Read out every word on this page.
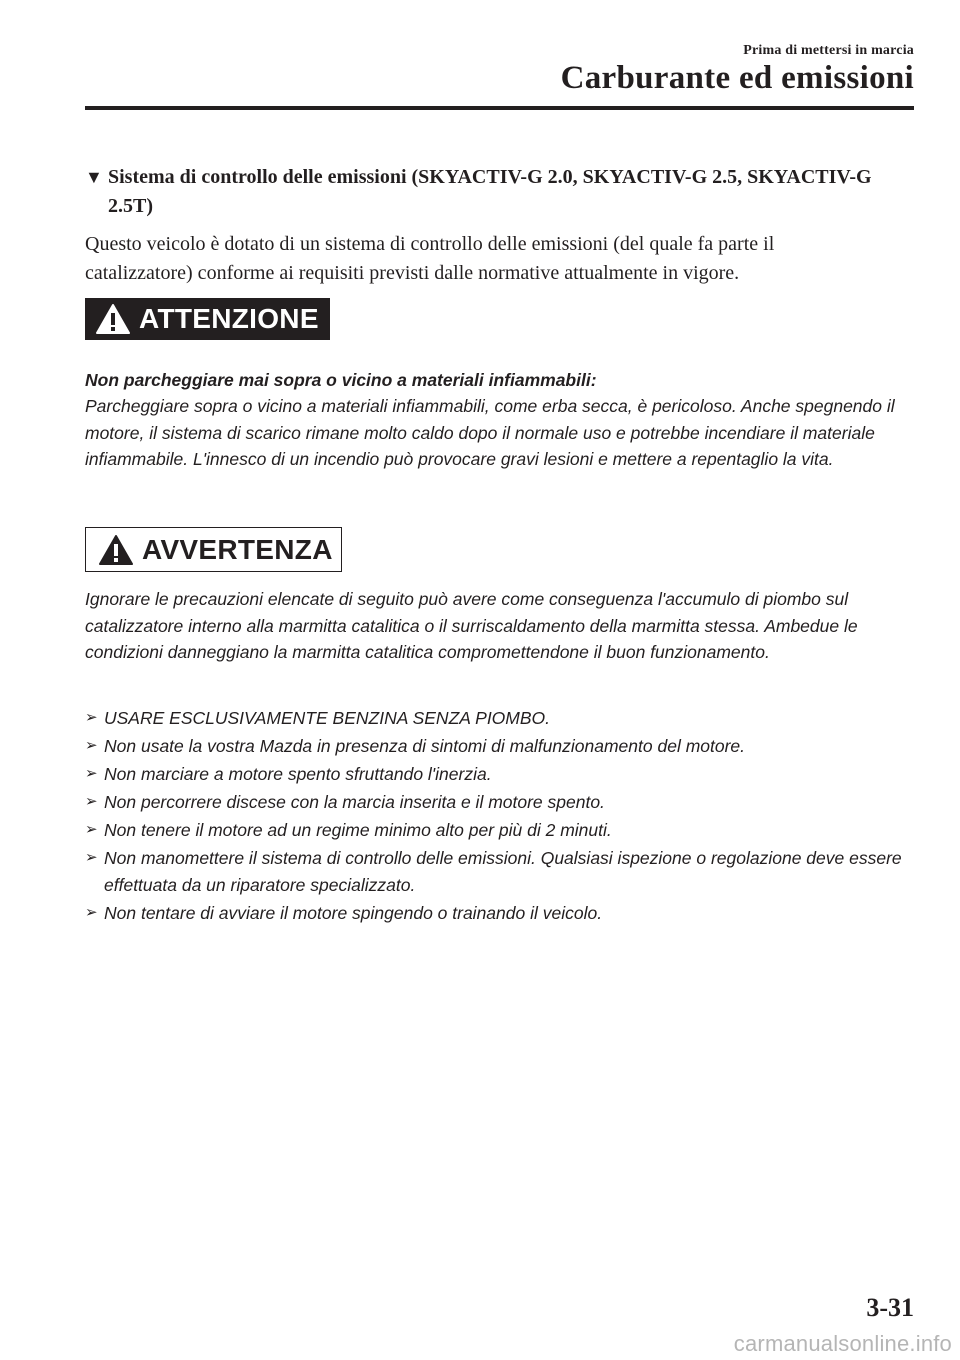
Prima di mettersi in marcia
Carburante ed emissioni
▼ Sistema di controllo delle emissioni (SKYACTIV-G 2.0, SKYACTIV-G 2.5, SKYACTIV-G 2.5T)
Questo veicolo è dotato di un sistema di controllo delle emissioni (del quale fa parte il catalizzatore) conforme ai requisiti previsti dalle normative attualmente in vigore.
ATTENZIONE
Non parcheggiare mai sopra o vicino a materiali infiammabili:
Parcheggiare sopra o vicino a materiali infiammabili, come erba secca, è pericoloso. Anche spegnendo il motore, il sistema di scarico rimane molto caldo dopo il normale uso e potrebbe incendiare il materiale infiammabile. L'innesco di un incendio può provocare gravi lesioni e mettere a repentaglio la vita.
AVVERTENZA
Ignorare le precauzioni elencate di seguito può avere come conseguenza l'accumulo di piombo sul catalizzatore interno alla marmitta catalitica o il surriscaldamento della marmitta stessa. Ambedue le condizioni danneggiano la marmitta catalitica compromettendone il buon funzionamento.
➢ USARE ESCLUSIVAMENTE BENZINA SENZA PIOMBO.
➢ Non usate la vostra Mazda in presenza di sintomi di malfunzionamento del motore.
➢ Non marciare a motore spento sfruttando l'inerzia.
➢ Non percorrere discese con la marcia inserita e il motore spento.
➢ Non tenere il motore ad un regime minimo alto per più di 2 minuti.
➢ Non manomettere il sistema di controllo delle emissioni. Qualsiasi ispezione o regolazione deve essere effettuata da un riparatore specializzato.
➢ Non tentare di avviare il motore spingendo o trainando il veicolo.
3-31
carmanualsonline.info
